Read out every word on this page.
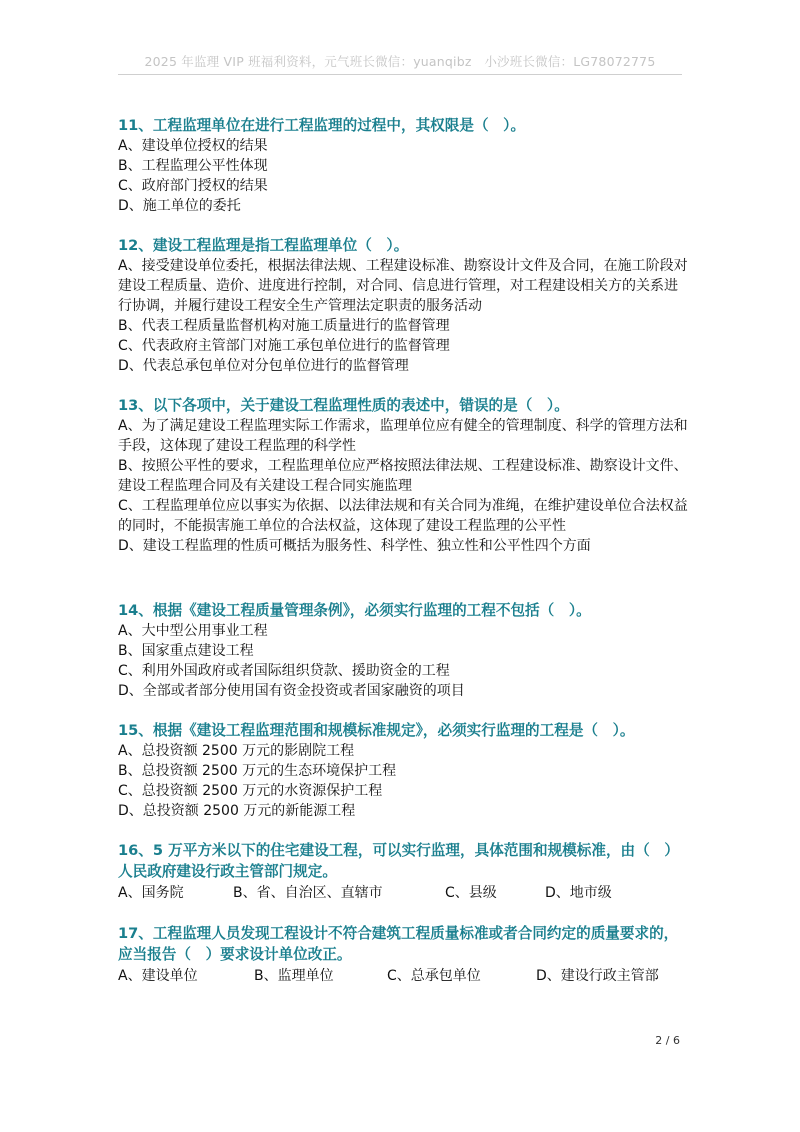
2025 年监理 VIP 班福利资料，元气班长微信：yuanqibz　小沙班长微信：LG78072775
11、工程监理单位在进行工程监理的过程中，其权限是（　）。
A、建设单位授权的结果
B、工程监理公平性体现
C、政府部门授权的结果
D、施工单位的委托
12、建设工程监理是指工程监理单位（　）。
A、接受建设单位委托，根据法律法规、工程建设标准、勘察设计文件及合同，在施工阶段对建设工程质量、造价、进度进行控制，对合同、信息进行管理，对工程建设相关方的关系进行协调，并履行建设工程安全生产管理法定职责的服务活动
B、代表工程质量监督机构对施工质量进行的监督管理
C、代表政府主管部门对施工承包单位进行的监督管理
D、代表总承包单位对分包单位进行的监督管理
13、以下各项中，关于建设工程监理性质的表述中，错误的是（　）。
A、为了满足建设工程监理实际工作需求，监理单位应有健全的管理制度、科学的管理方法和手段，这体现了建设工程监理的科学性
B、按照公平性的要求，工程监理单位应严格按照法律法规、工程建设标准、勘察设计文件、建设工程监理合同及有关建设工程合同实施监理
C、工程监理单位应以事实为依据、以法律法规和有关合同为准绳，在维护建设单位合法权益的同时，不能损害施工单位的合法权益，这体现了建设工程监理的公平性
D、建设工程监理的性质可概括为服务性、科学性、独立性和公平性四个方面
14、根据《建设工程质量管理条例》，必须实行监理的工程不包括（　）。
A、大中型公用事业工程
B、国家重点建设工程
C、利用外国政府或者国际组织贷款、援助资金的工程
D、全部或者部分使用国有资金投资或者国家融资的项目
15、根据《建设工程监理范围和规模标准规定》，必须实行监理的工程是（　）。
A、总投资额 2500 万元的影剧院工程
B、总投资额 2500 万元的生态环境保护工程
C、总投资额 2500 万元的水资源保护工程
D、总投资额 2500 万元的新能源工程
16、5 万平方米以下的住宅建设工程，可以实行监理，具体范围和规模标准，由（　）人民政府建设行政主管部门规定。
A、国务院	B、省、自治区、直辖市	C、县级	D、地市级
17、工程监理人员发现工程设计不符合建筑工程质量标准或者合同约定的质量要求的，应当报告（　）要求设计单位改正。
A、建设单位	B、监理单位	C、总承包单位	D、建设行政主管部
2 / 6
